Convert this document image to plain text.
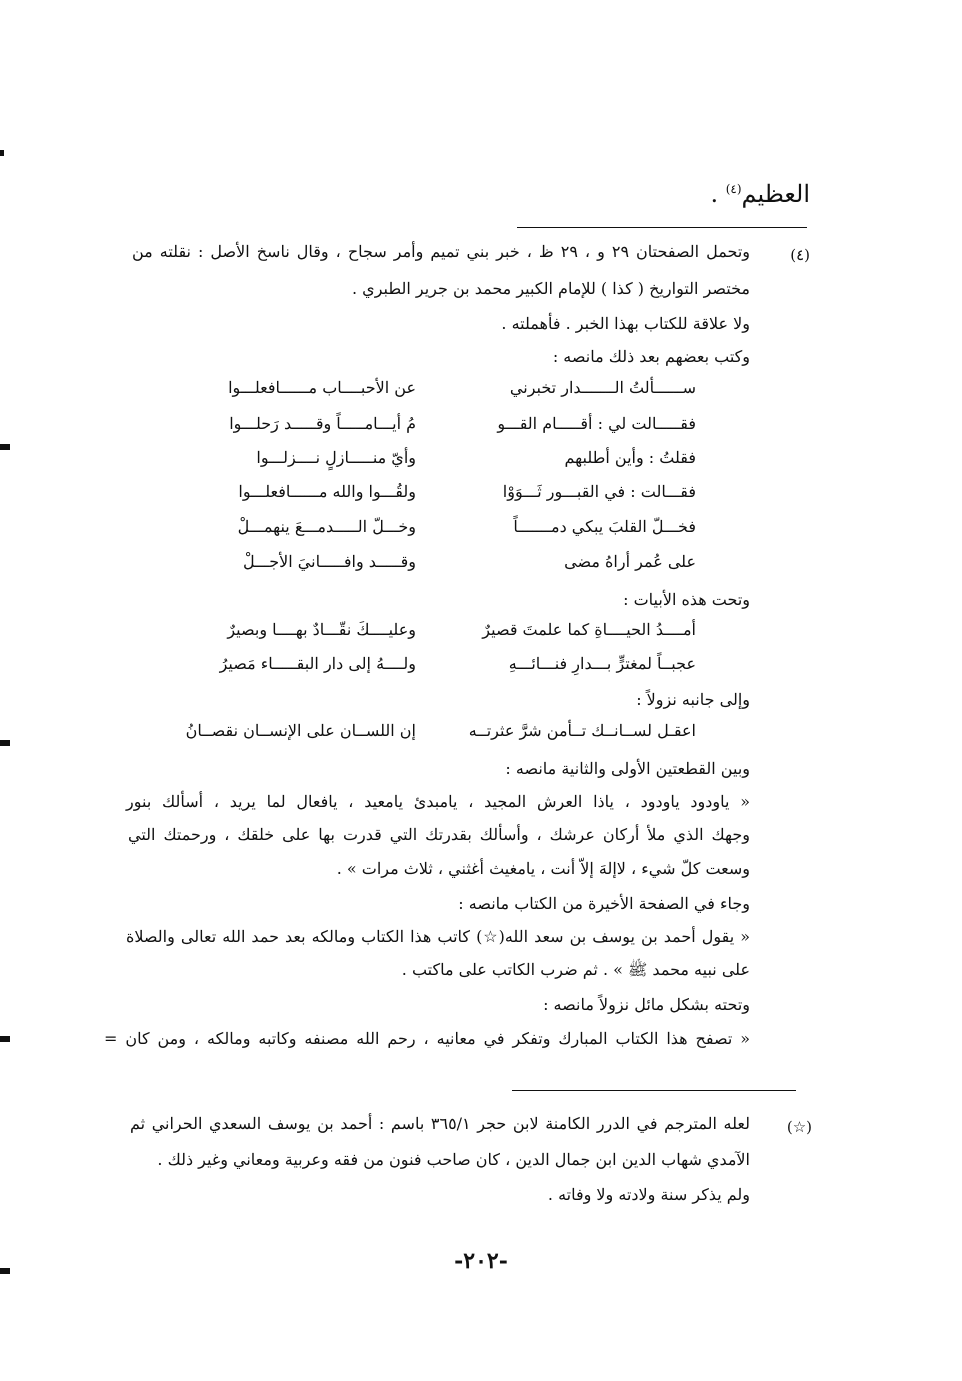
العظيم$^{(٤)}$ .
(٤)
وتحمل الصفحتان ٢٩ و ، ٢٩ ظ ، خبر بني تميم وأمر سجاح ، وقال ناسخ الأصل : نقلته من
مختصر التواريخ ( كذا ) للإمام الكبير محمد بن جرير الطبري .
ولا علاقة للكتاب بهذا الخبر . فأهملته .
وكتب بعضهم بعد ذلك مانصه :
ســــــألتُ الـــــــدار تخبرني
عن الأحبــــاب مــــــافعلـــوا
فقـــــالت لي : أقـــــام القـــو
مُ أيـــامـــــاً وقـــــد رَحلـــوا
فقلتُ : وأين أطلبهم
وأيّ منـــــازلٍ نــــزلـــوا
فقـــالت : في القبـــور ثَـــوَوْا
ولقُـــوا والله مــــــافعلـــوا
فخـــلّ القلبَ يبكي دمـــــــاً
وخـــلّ الـــــدمـــعَ ينهمـــلْ
على عُمر أراهُ مضى
وقـــــد وافـــــانيَ الأجـــلْ
وتحت هذه الأبيات :
أمــــدُ الحيــــاةِ كما علمتَ قصيرٌ
وعليــــكَ نقّـــادٌ بهــــا وبصيرٌ
عجبــاً لمغترٍّ بـــدارِ فنـــائـــهِ
ولــــهُ إلى دار البقـــــاء مَصيرُ
وإلى جانبه نزولاً :
اعقـل لســانــك تــأمن شرَّ عثرتــه
إن اللســان على الإنســان نقصــانُ
وبين القطعتين الأولى والثانية مانصه :
« ياودود ياودود ، ياذا العرش المجيد ، يامبدئ يامعيد ، يافعال لما يريد ، أسألك بنور
وجهك الذي ملأ أركان عرشك ، وأسألك بقدرتك التي قدرت بها على خلقك ، ورحمتك التي
وسعت كلّ شيء ، لاإلهَ إلاّ أنت ، يامغيث أغثني ، ثلاث مرات » .
وجاء في الصفحة الأخيرة من الكتاب مانصه :
« يقول أحمد بن يوسف بن سعد الله(☆) كاتب هذا الكتاب ومالكه بعد حمد الله تعالى والصلاة
على نبيه محمد ﷺ » . ثم ضرب الكاتب على ماكتب .
وتحته بشكل مائل نزولاً مانصه :
« تصفح هذا الكتاب المبارك وتفكر في معانيه ، رحم الله مصنفه وكاتبه ومالكه ، ومن كان =
(☆)
لعله المترجم في الدرر الكامنة لابن حجر ٣٦٥/١ باسم : أحمد بن يوسف السعدي الحراني ثم
الآمدي شهاب الدين ابن جمال الدين ، كان صاحب فنون من فقه وعربية ومعاني وغير ذلك .
ولم يذكر سنة ولادته ولا وفاته .
-٢٠٢-
